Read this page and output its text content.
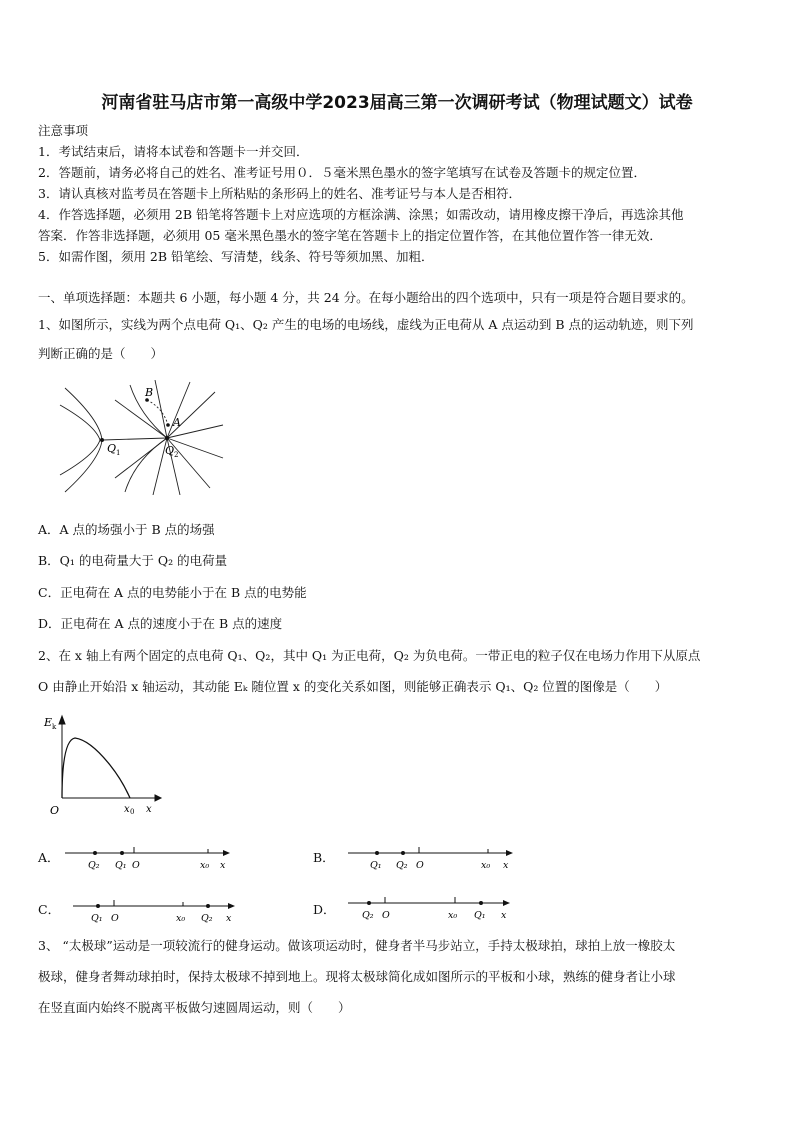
河南省驻马店市第一高级中学2023届高三第一次调研考试（物理试题文）试卷
注意事项
1．考试结束后，请将本试卷和答题卡一并交回．
2．答题前，请务必将自己的姓名、准考证号用０．５毫米黑色墨水的签字笔填写在试卷及答题卡的规定位置．
3．请认真核对监考员在答题卡上所粘贴的条形码上的姓名、准考证号与本人是否相符．
4．作答选择题，必须用 2B 铅笔将答题卡上对应选项的方框涂满、涂黑；如需改动，请用橡皮擦干净后，再选涂其他
答案．作答非选择题，必须用 05 毫米黑色墨水的签字笔在答题卡上的指定位置作答，在其他位置作答一律无效．
5．如需作图，须用 2B 铅笔绘、写清楚，线条、符号等须加黑、加粗．
一、单项选择题：本题共 6 小题，每小题 4 分，共 24 分。在每小题给出的四个选项中，只有一项是符合题目要求的。
1、如图所示，实线为两个点电荷 Q₁、Q₂ 产生的电场的电场线，虚线为正电荷从 A 点运动到 B 点的运动轨迹，则下列
判断正确的是（　　）
B
A
Q 1	Q 2
A．A 点的场强小于 B 点的场强
B．Q₁ 的电荷量大于 Q₂ 的电荷量
C．正电荷在 A 点的电势能小于在 B 点的电势能
D．正电荷在 A 点的速度小于在 B 点的速度
2、在 x 轴上有两个固定的点电荷 Q₁、Q₂，其中 Q₁ 为正电荷，Q₂ 为负电荷。一带正电的粒子仅在电场力作用下从原点
O 由静止开始沿 x 轴运动，其动能 Eₖ 随位置 x 的变化关系如图，则能够正确表示 Q₁、Q₂ 位置的图像是（　　）
E k
O	x 0 x
A．
Q₂ Q₁ O	x₀ x
B．
Q₁ Q₂ O	x₀ x
C．
Q₁ O	x₀ Q₂ x
D．	Q₂ O	x₀ Q₁ x
3、 “太极球”运动是一项较流行的健身运动。做该项运动时，健身者半马步站立，手持太极球拍，球拍上放一橡胶太
极球，健身者舞动球拍时，保持太极球不掉到地上。现将太极球简化成如图所示的平板和小球，熟练的健身者让小球
在竖直面内始终不脱离平板做匀速圆周运动，则（　　）
